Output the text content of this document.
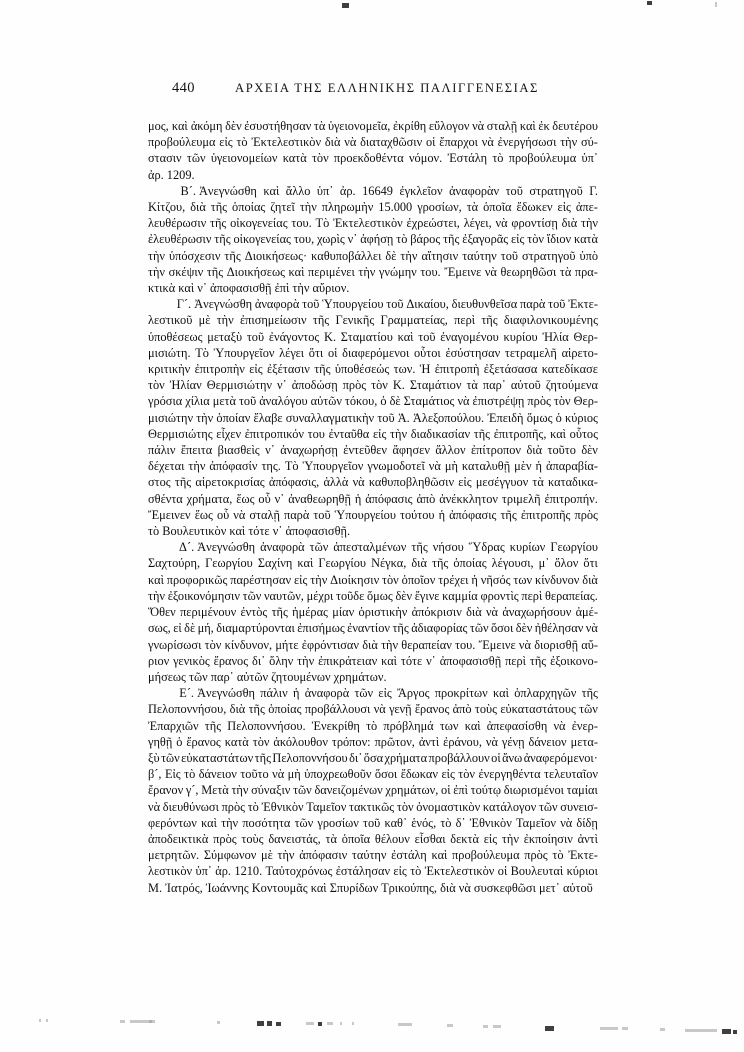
440	ΑΡΧΕΙΑ ΤΗΣ ΕΛΛΗΝΙΚΗΣ ΠΑΛΙΓΓΕΝΕΣΙΑΣ

μος, καὶ ἀκόμη δὲν ἐσυστήθησαν τὰ ὑγειονομεῖα, ἐκρίθη εὔλογον νὰ σταλῇ καὶ ἐκ δευτέρου
προβούλευμα εἰς τὸ Ἐκτελεστικὸν διὰ νὰ διαταχθῶσιν οἱ ἔπαρχοι νὰ ἐνεργήσωσι τὴν σύ-
στασιν τῶν ὑγειονομείων κατὰ τὸν προεκδοθέντα νόμον. Ἐστάλη τὸ προβούλευμα ὑπ᾽
ἀρ. 1209.

Β´. Ἀνεγνώσθη καὶ ἄλλο ὑπ᾽ ἀρ. 16649 ἐγκλεῖον ἀναφορὰν τοῦ στρατηγοῦ Γ.
Κίτζου, διὰ τῆς ὁποίας ζητεῖ τὴν πληρωμὴν 15.000 γροσίων, τὰ ὁποῖα ἔδωκεν εἰς ἀπε-
λευθέρωσιν τῆς οἰκογενείας του. Τὸ Ἐκτελεστικὸν ἐχρεώστει, λέγει, νὰ φροντίσῃ διὰ τὴν
ἐλευθέρωσιν τῆς οἰκογενείας του, χωρὶς ν᾽ ἀφήσῃ τὸ βάρος τῆς ἐξαγορᾶς εἰς τὸν ἴδιον κατὰ
τὴν ὑπόσχεσιν τῆς Διοικήσεως· καθυποβάλλει δὲ τὴν αἴτησιν ταύτην τοῦ στρατηγοῦ ὑπὸ
τὴν σκέψιν τῆς Διοικήσεως καὶ περιμένει τὴν γνώμην του. Ἔμεινε νὰ θεωρηθῶσι τὰ πρα-
κτικὰ καὶ ν᾽ ἀποφασισθῇ ἐπὶ τὴν αὔριον.

Γ´. Ἀνεγνώσθη ἀναφορὰ τοῦ Ὑπουργείου τοῦ Δικαίου, διευθυνθεῖσα παρὰ τοῦ Ἐκτε-
λεστικοῦ μὲ τὴν ἐπισημείωσιν τῆς Γενικῆς Γραμματείας, περὶ τῆς διαφιλονικουμένης
ὑποθέσεως μεταξὺ τοῦ ἐνάγοντος Κ. Σταματίου καὶ τοῦ ἐναγομένου κυρίου Ἠλία Θερ-
μισιώτη. Τὸ Ὑπουργεῖον λέγει ὅτι οἱ διαφερόμενοι οὗτοι ἐσύστησαν τετραμελῆ αἱρετο-
κριτικὴν ἐπιτροπὴν εἰς ἐξέτασιν τῆς ὑποθέσεώς των. Ἡ ἐπιτροπὴ ἐξετάσασα κατεδίκασε
τὸν Ἠλίαν Θερμισιώτην ν᾽ ἀποδώσῃ πρὸς τὸν Κ. Σταμάτιον τὰ παρ᾽ αὐτοῦ ζητούμενα
γρόσια χίλια μετὰ τοῦ ἀναλόγου αὐτῶν τόκου, ὁ δὲ Σταμάτιος νὰ ἐπιστρέψῃ πρὸς τὸν Θερ-
μισιώτην τὴν ὁποίαν ἔλαβε συναλλαγματικὴν τοῦ Ἀ. Ἀλεξοπούλου. Ἐπειδὴ ὅμως ὁ κύριος
Θερμισιώτης εἶχεν ἐπιτροπικόν του ἐνταῦθα εἰς τὴν διαδικασίαν τῆς ἐπιτροπῆς, καὶ οὗτος
πάλιν ἔπειτα βιασθεὶς ν᾽ ἀναχωρήσῃ ἐντεῦθεν ἄφησεν ἄλλον ἐπίτροπον διὰ τοῦτο δὲν
δέχεται τὴν ἀπόφασίν της. Τὸ Ὑπουργεῖον γνωμοδοτεῖ νὰ μὴ καταλυθῇ μὲν ἡ ἀπαραβία-
στος τῆς αἱρετοκρισίας ἀπόφασις, ἀλλὰ νὰ καθυποβληθῶσιν εἰς μεσέγγυον τὰ καταδικα-
σθέντα χρήματα, ἕως οὗ ν᾽ ἀναθεωρηθῇ ἡ ἀπόφασις ἀπὸ ἀνέκκλητον τριμελῆ ἐπιτροπήν.
Ἔμεινεν ἕως οὗ νὰ σταλῇ παρὰ τοῦ Ὑπουργείου τούτου ἡ ἀπόφασις τῆς ἐπιτροπῆς πρὸς
τὸ Βουλευτικὸν καὶ τότε ν᾽ ἀποφασισθῇ.

Δ´. Ἀνεγνώσθη ἀναφορὰ τῶν ἀπεσταλμένων τῆς νήσου Ὕδρας κυρίων Γεωργίου
Σαχτούρη, Γεωργίου Σαχίνη καὶ Γεωργίου Νέγκα, διὰ τῆς ὁποίας λέγουσι, μ᾽ ὅλον ὅτι
καὶ προφορικῶς παρέστησαν εἰς τὴν Διοίκησιν τὸν ὁποῖον τρέχει ἡ νῆσός των κίνδυνον διὰ
τὴν ἐξοικονόμησιν τῶν ναυτῶν, μέχρι τοῦδε ὅμως δὲν ἔγινε καμμία φροντὶς περὶ θεραπείας.
Ὅθεν περιμένουν ἐντὸς τῆς ἡμέρας μίαν ὁριστικὴν ἀπόκρισιν διὰ νὰ ἀναχωρήσουν ἀμέ-
σως, εἰ δὲ μή, διαμαρτύρονται ἐπισήμως ἐναντίον τῆς ἀδιαφορίας τῶν ὅσοι δὲν ἠθέλησαν νὰ
γνωρίσωσι τὸν κίνδυνον, μήτε ἐφρόντισαν διὰ τὴν θεραπείαν του. Ἔμεινε νὰ διορισθῇ αὔ-
ριον γενικὸς ἔρανος δι᾽ ὅλην τὴν ἐπικράτειαν καὶ τότε ν᾽ ἀποφασισθῇ περὶ τῆς ἐξοικονο-
μήσεως τῶν παρ᾽ αὐτῶν ζητουμένων χρημάτων.

Ε´. Ἀνεγνώσθη πάλιν ἡ ἀναφορὰ τῶν εἰς Ἄργος προκρίτων καὶ ὁπλαρχηγῶν τῆς
Πελοποννήσου, διὰ τῆς ὁποίας προβάλλουσι νὰ γενῇ ἔρανος ἀπὸ τοὺς εὐκαταστάτους τῶν
Ἐπαρχιῶν τῆς Πελοποννήσου. Ἐνεκρίθη τὸ πρόβλημά των καὶ ἀπεφασίσθη νὰ ἐνερ-
γηθῇ ὁ ἔρανος κατὰ τὸν ἀκόλουθον τρόπον: πρῶτον, ἀντὶ ἐράνου, νὰ γένῃ δάνειον μετα-
ξὺ τῶν εὐκαταστάτων τῆς Πελοποννήσου δι᾽ ὅσα χρήματα προβάλλουν οἱ ἄνω ἀναφερόμενοι·
β´, Εἰς τὸ δάνειον τοῦτο νὰ μὴ ὑποχρεωθοῦν ὅσοι ἔδωκαν εἰς τὸν ἐνεργηθέντα τελευταῖον
ἔρανον γ´, Μετὰ τὴν σύναξιν τῶν δανειζομένων χρημάτων, οἱ ἐπὶ τούτῳ διωρισμένοι ταμίαι
νὰ διευθύνωσι πρὸς τὸ Ἐθνικὸν Ταμεῖον τακτικῶς τὸν ὀνομαστικὸν κατάλογον τῶν συνεισ-
φερόντων καὶ τὴν ποσότητα τῶν γροσίων τοῦ καθ᾽ ἑνός, τὸ δ᾽ Ἐθνικὸν Ταμεῖον νὰ δίδῃ
ἀποδεικτικὰ πρὸς τοὺς δανειστάς, τὰ ὁποῖα θέλουν εἶσθαι δεκτὰ εἰς τὴν ἐκποίησιν ἀντὶ
μετρητῶν. Σύμφωνον μὲ τὴν ἀπόφασιν ταύτην ἐστάλη καὶ προβούλευμα πρὸς τὸ Ἐκτε-
λεστικὸν ὑπ᾽ ἀρ. 1210. Ταὐτοχρόνως ἐστάλησαν εἰς τὸ Ἐκτελεστικὸν οἱ Βουλευταὶ κύριοι
Μ. Ἰατρός, Ἰωάννης Κοντουμᾶς καὶ Σπυρίδων Τρικούπης, διὰ νὰ συσκεφθῶσι μετ᾽ αὐτοῦ
